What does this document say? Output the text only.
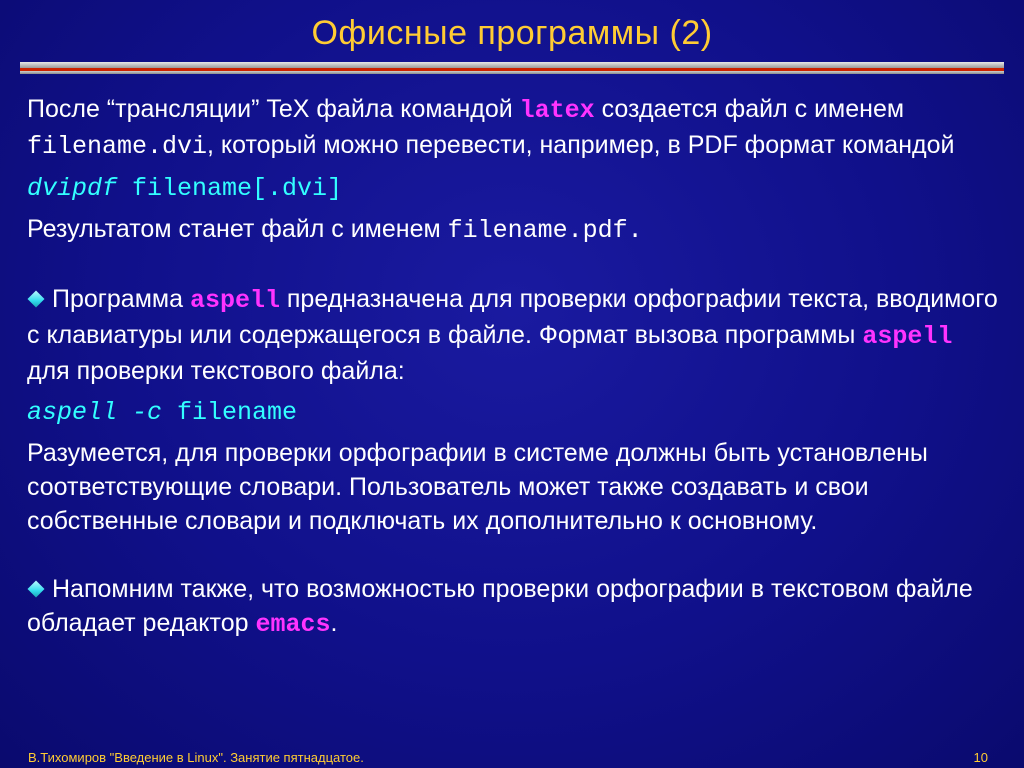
Офисные программы (2)

После “трансляции” TeX файла командой latex создается файл с именем filename.dvi, который можно перевести, например, в PDF формат командой

dvipdf filename[.dvi]

Результатом станет файл с именем filename.pdf.

Программа aspell предназначена для проверки орфографии текста, вводимого с клавиатуры или содержащегося в файле. Формат вызова программы aspell для проверки текстового файла:

aspell -c filename

Разумеется, для проверки орфографии в системе должны быть установлены соответствующие словари. Пользователь может также создавать и свои собственные словари и подключать их дополнительно к основному.

Напомним также, что возможностью проверки орфографии в текстовом файле обладает редактор emacs.

В.Тихомиров "Введение в Linux". Занятие пятнадцатое.	10
